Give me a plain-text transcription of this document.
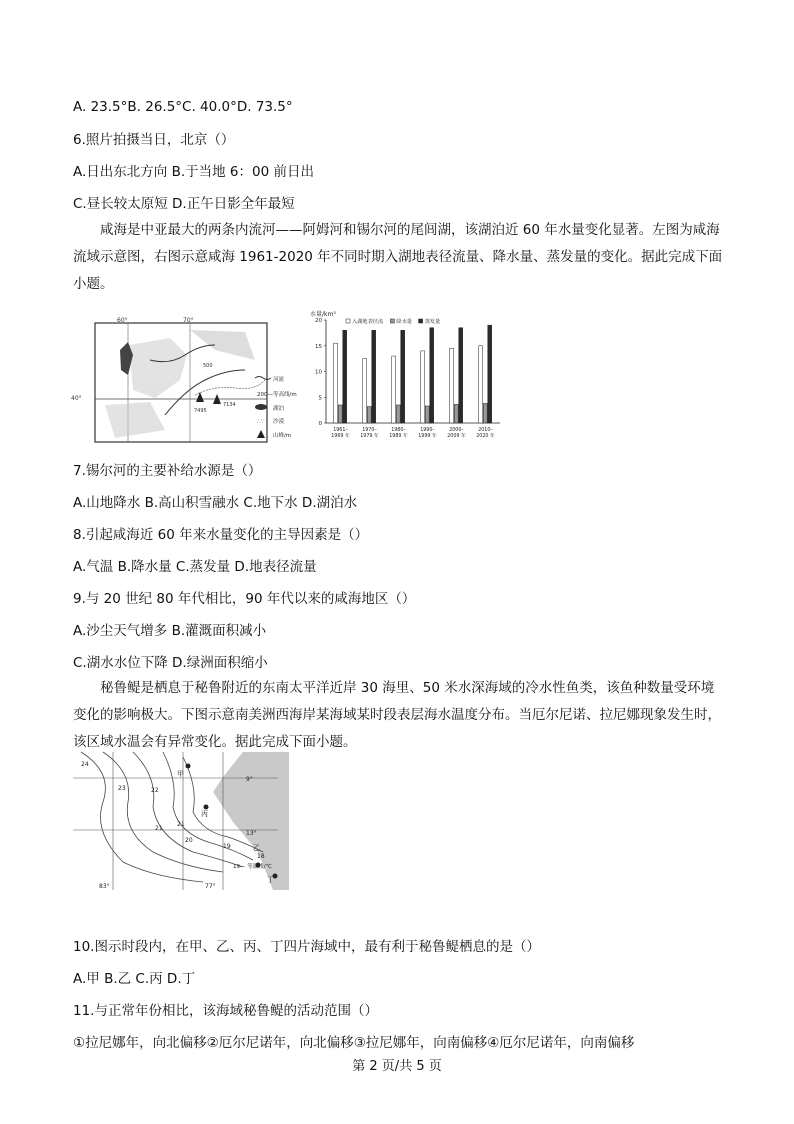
A. 23.5°B. 26.5°C. 40.0°D. 73.5°
6.照片拍摄当日，北京（）
A.日出东北方向 B.于当地 6：00 前日出
C.昼长较太原短 D.正午日影全年最短
咸海是中亚最大的两条内流河——阿姆河和锡尔河的尾闾湖，该湖泊近 60 年水量变化显著。左图为咸海流域示意图，右图示意咸海 1961-2020 年不同时期入湖地表径流量、降水量、蒸发量的变化。据此完成下面小题。
60°	70°
40°
500
7134
7495
河流
200—等高线/m
湖泊
∴∵ 沙漠
山峰/m
水量/km³
入湖地表径流	降水量 蒸发量
0
5
10
15
20
1961– 1969 年
1970– 1979 年
1980– 1989 年
1990– 1999 年
2000– 2009 年
2010– 2020 年
7.锡尔河的主要补给水源是（）
A.山地降水 B.高山积雪融水 C.地下水 D.湖泊水
8.引起咸海近 60 年来水量变化的主导因素是（）
A.气温 B.降水量 C.蒸发量 D.地表径流量
9.与 20 世纪 80 年代相比，90 年代以来的咸海地区（）
A.沙尘天气增多 B.灌溉面积减小
C.湖水水位下降 D.绿洲面积缩小
秘鲁鳀是栖息于秘鲁附近的东南太平洋近岸 30 海里、50 米水深海域的冷水性鱼类，该鱼种数量受环境变化的影响极大。下图示意南美洲西海岸某海域某时段表层海水温度分布。当厄尔尼诺、拉尼娜现象发生时，该区域水温会有异常变化。据此完成下面小题。
24
23	22
21
21
20
19
18
甲
乙
丙
丁
9°
13°
83°	77°
19— 等温线/℃
10.图示时段内，在甲、乙、丙、丁四片海域中，最有利于秘鲁鳀栖息的是（）
A.甲 B.乙 C.丙 D.丁
11.与正常年份相比，该海域秘鲁鳀的活动范围（）
①拉尼娜年，向北偏移②厄尔尼诺年，向北偏移③拉尼娜年，向南偏移④厄尔尼诺年，向南偏移
第 2 页/共 5 页
